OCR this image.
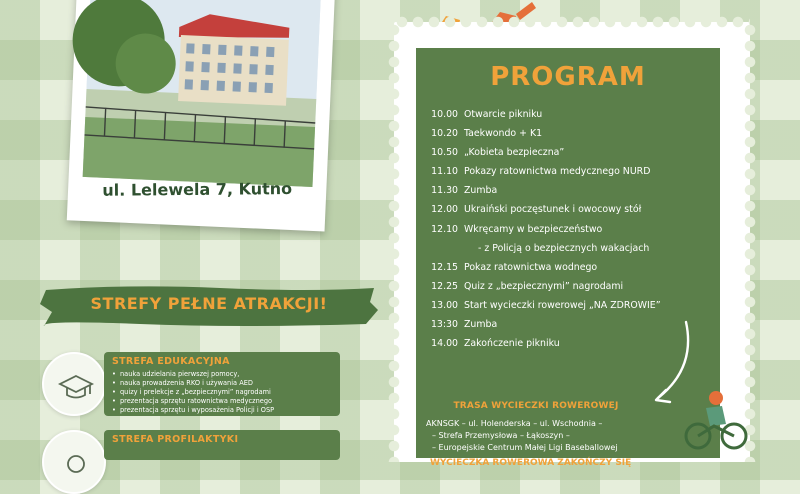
ul. Lelewela 7, Kutno
STREFY PEŁNE ATRAKCJI!
STREFA EDUKACYJNA
• nauka udzielania pierwszej pomocy,
• nauka prowadzenia RKO i używania AED
• quizy i prelekcje z „bezpiecznymi” nagrodami
• prezentacja sprzętu ratownictwa medycznego
• prezentacja sprzętu i wyposażenia Policji i OSP
STREFA PROFILAKTYKI
PROGRAM
10.00 Otwarcie pikniku
10.20 Taekwondo + K1
10.50 „Kobieta bezpieczna”
11.10 Pokazy ratownictwa medycznego NURD
11.30 Zumba
12.00 Ukraiński poczęstunek i owocowy stół
12.10 Wkręcamy w bezpieczeństwo
- z Policją o bezpiecznych wakacjach
12.15 Pokaz ratownictwa wodnego
12.25 Quiz z „bezpiecznymi” nagrodami
13.00 Start wycieczki rowerowej „NA ZDROWIE”
13:30 Zumba
14.00 Zakończenie pikniku
TRASA WYCIECZKI ROWEROWEJ
AKNSGK – ul. Holenderska – ul. Wschodnia –
– Strefa Przemysłowa – Łąkoszyn –
– Europejskie Centrum Małej Ligi Baseballowej
WYCIECZKA ROWEROWA ZAKOŃCZY SIĘ
